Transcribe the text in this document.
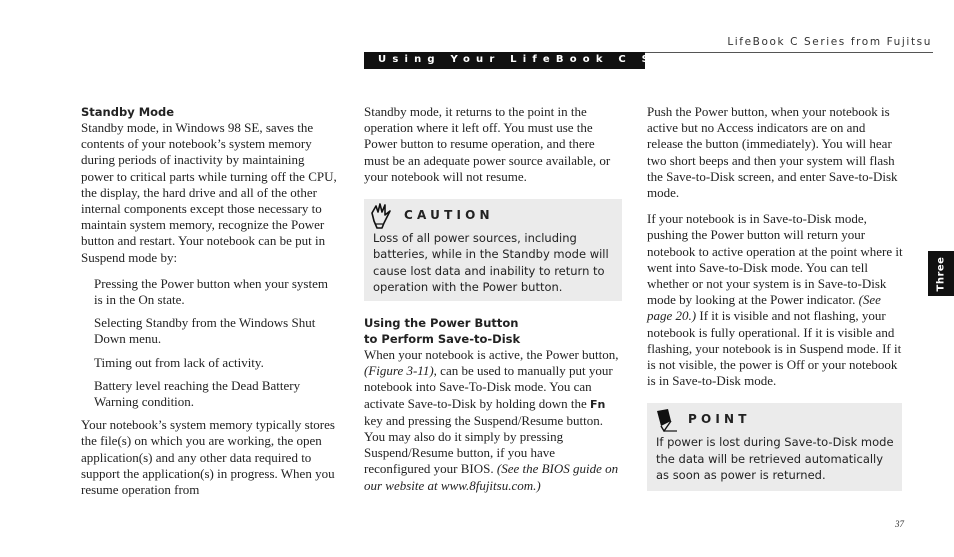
LifeBook C Series from Fujitsu
Using Your LifeBook C Series

Standby Mode

Standby mode, in Windows 98 SE, saves the contents of your notebook’s system memory during periods of inactivity by maintaining power to critical parts while turning off the CPU, the display, the hard drive and all of the other internal components except those necessary to maintain system memory, recognize the Power button and restart. Your notebook can be put in Suspend mode by:

Pressing the Power button when your system is in the On state.

Selecting Standby from the Windows Shut Down menu.

Timing out from lack of activity.

Battery level reaching the Dead Battery Warning condition.

Your notebook’s system memory typically stores the file(s) on which you are working, the open application(s) and any other data required to support the application(s) in progress. When you resume operation from

Standby mode, it returns to the point in the operation where it left off. You must use the Power button to resume operation, and there must be an adequate power source available, or your notebook will not resume.

CAUTION
Loss of all power sources, including batteries, while in the Standby mode will cause lost data and inability to return to operation with the Power button.

Using the Power Button

to Perform Save-to-Disk

When your notebook is active, the Power button, (Figure 3-11), can be used to manually put your notebook into Save-To-Disk mode. You can activate Save-to-Disk by holding down the Fn key and pressing the Suspend/Resume button. You may also do it simply by pressing Suspend/Resume button, if you have reconfigured your BIOS. (See the BIOS guide on our website at www.8fujitsu.com.)

Push the Power button, when your notebook is active but no Access indicators are on and release the button (immediately). You will hear two short beeps and then your system will flash the Save-to-Disk screen, and enter Save-to-Disk mode.

If your notebook is in Save-to-Disk mode, pushing the Power button will return your notebook to active operation at the point where it went into Save-to-Disk mode. You can tell whether or not your system is in Save-to-Disk mode by looking at the Power indicator. (See page 20.) If it is visible and not flashing, your notebook is fully operational. If it is visible and flashing, your notebook is in Suspend mode. If it is not visible, the power is Off or your notebook is in Save-to-Disk mode.

POINT
If power is lost during Save-to-Disk mode the data will be retrieved automatically as soon as power is returned.
Three
37
